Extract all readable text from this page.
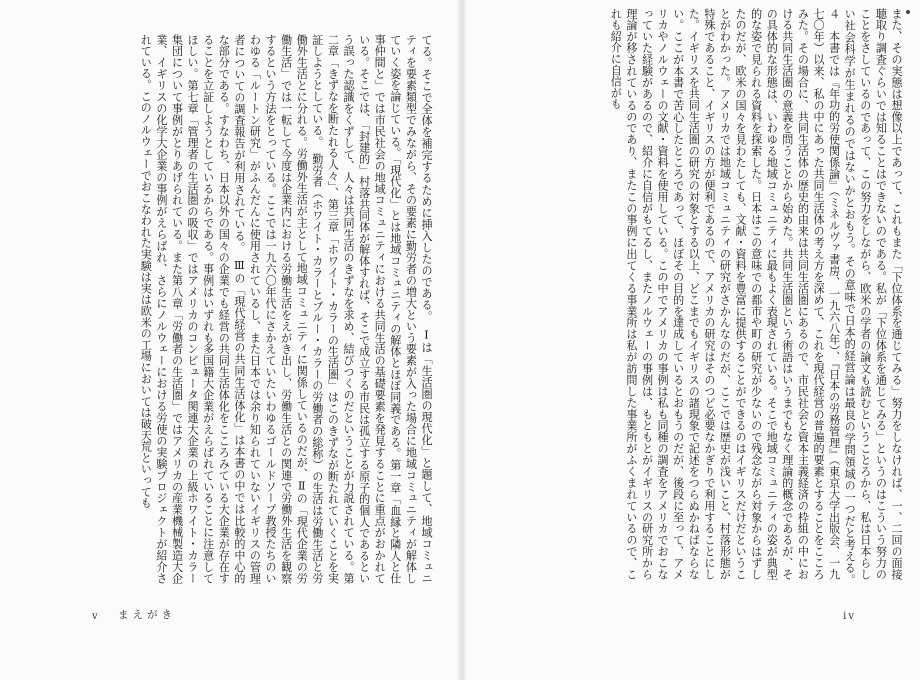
てる。そこで全体を補完するために挿入したのである。　Ⅰは「生活圏の現代化」と題して、地域コミュニティを要素類型でみながら、その要素に勤労者の増大という要素が入った場合に地域コミュニティが解体していく姿を論じている。「現代化」とは地域コミュニティの解体とほぼ同義である。第一章「血縁と隣人と仕事仲間と」では市民社会の地域コミュニティにおける共同生活の基礎要素を発見することに重点がおかれている。そこでは、「封建的」村落共同体が解体すれば、そこで成立する市民は孤立する原子的個人であるという誤った認識をくずして、人々は共同生活のきずなを求め、結びつくのだということが力説されている。第二章「きずなを断たれる人々」、第三章「ホワイト・カラーの生活圏」はこのきずなが断たれていくことを実証しようとしている。　勤労者（ホワイト・カラーとブルー・カラーの労働者の総称）の生活は労働生活と労働外生活とに分れる。労働外生活が主として地域コミュニティに関係しているのだが、Ⅱの「現代企業の労働生活」では一転して今度は企業内における労働生活をえがき出し、労働生活との関連で労働外生活を観察するという方法をとっている。ここでは一九六〇年代にさかえていたいわゆるゴールドソープ教授たちのいわゆる「ルートン研究」がふんだんに使用されているし、また日本では余り知られていないイギリスの管理者についての調査報告が利用されている。　Ⅲの「現代経営の共同生活体化」は本書の中では比較的中心的な部分である。すなわち、日本以外の国々の企業でも経営の共同生活体化をこころみている大企業が存在することを立証しようとしているからである。事例はいずれも多国籍大企業がえらばれていることに注意してほしい。第七章「管理者の生活圏の吸収」ではアメリカのコンピュータ関連大企業の上級ホワイト・カラー集団について事例がとりあげられている。また第八章「労働者の生活圏」ではアメリカの産業機械製造大企業、イギリスの化学大企業の事例がえらばれ、さらにノルウェーにおける労使の実験プロジェクトが紹介されている。このノルウェーでおこなわれた実験は実は欧米の工場においては破天荒といっても
v まえがき
また、その実態は想像以上であって、これもまた「下位体系を通じてみる」努力をしなければ、一、二回の面接聴取り調査ぐらいでは知ることはできないのである。私が「下位体系を通じてみる」というのはこういう努力のことをさしているのであって、この努力をしながら、欧米の学者の論文も読むということろから、私は日本らしい社会科学が生まれるのではないかとおもう。その意味で日本的経営論は最良の学問領域の一つだと考える。　　４　本書では『年功的労使関係論』（ミネルヴァ書房、一九六八年）、『日本の労務管理』（東京大学出版会、一九七〇年）以来、私の中にあった共同生活体の考え方を深めて、これを現代経営の普遍的要素とすることをこころみた。その場合に、共同生活体の歴史的由来は共同生活圏にあるので、市民社会と資本主義経済の枠組の中における共同生活圏の意義を問うことから始めた。共同生活圏という術語はいうまでもなく理論的概念であるが、その具体的な形態は、いわゆる地域コミュニティに最もよく表現されている。そこで地域コミュニティの姿が典型的な姿で見られる資料を探索した。日本はこの意味での都市や町の研究が少ないので残念ながら対象からはずしたのだが、欧米の国々を見わたしても、文献・資料を豊富に提供することができるのはイギリスだけだということがわかった。アメリカでは地域コミュニティの研究がさかんなのだが、ここでは歴史が浅いこと、村落形態が特殊であること、イギリスの方が便利であるので、アメリカの研究はそのつど必要なかぎりで利用することにした。イギリスを共同生活圏の研究の対象とする以上、どこまでもイギリスの諸現象で記述をつらぬかねばならない。ここが本書で苦心したところであって、ほぼその目的を達成しているとおもうのだが、後段に至って、アメリカやノルウェーの文献・資料を使用している。この中でアメリカの事例は私も同種の調査をアメリカでおこなっていた経験があるので、紹介に自信がもてるし、またノルウェーの事例は、もともとがイギリスの研究所から理論が移されているのであり、またこの事例に出てくる事業所は私が訪問した事業所がふくまれているので、これも紹介に自信がも
iv
